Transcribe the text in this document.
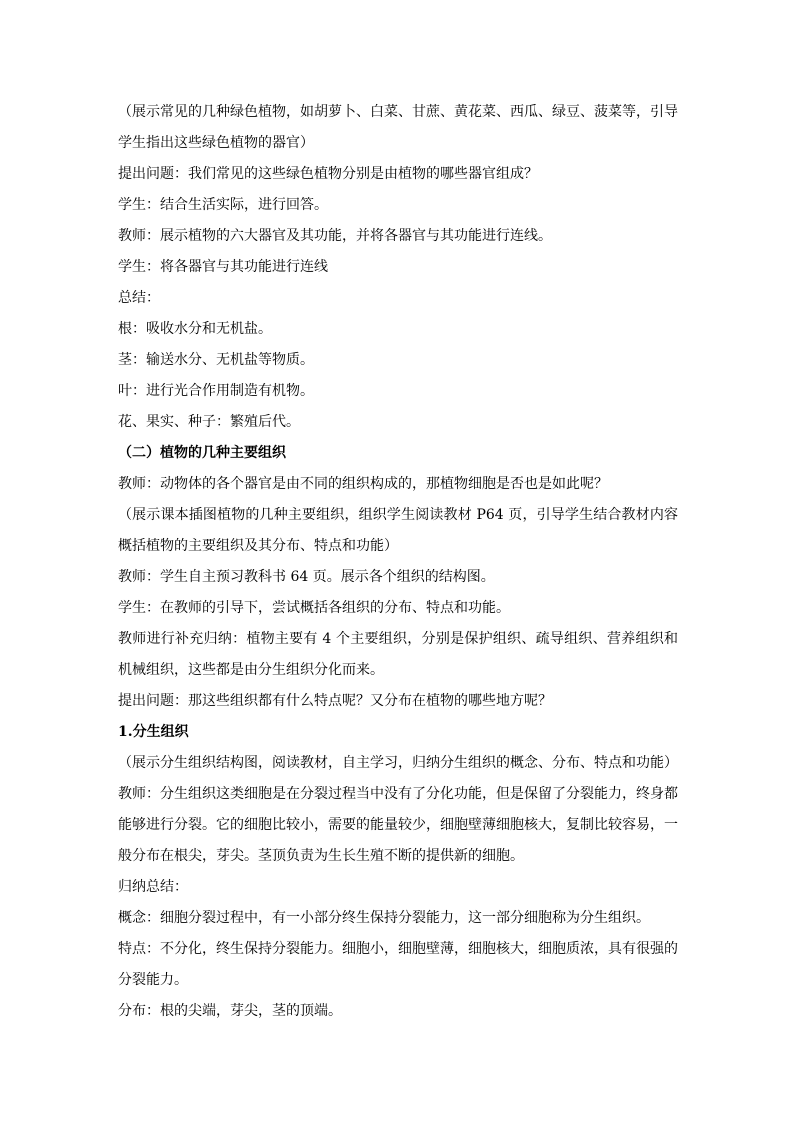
（展示常见的几种绿色植物，如胡萝卜、白菜、甘蔗、黄花菜、西瓜、绿豆、菠菜等，引导学生指出这些绿色植物的器官）

提出问题：我们常见的这些绿色植物分别是由植物的哪些器官组成？

学生：结合生活实际，进行回答。

教师：展示植物的六大器官及其功能，并将各器官与其功能进行连线。

学生：将各器官与其功能进行连线

总结：

根：吸收水分和无机盐。

茎：输送水分、无机盐等物质。

叶：进行光合作用制造有机物。

花、果实、种子：繁殖后代。

（二）植物的几种主要组织

教师：动物体的各个器官是由不同的组织构成的，那植物细胞是否也是如此呢？

（展示课本插图植物的几种主要组织，组织学生阅读教材 P64 页，引导学生结合教材内容概括植物的主要组织及其分布、特点和功能）

教师：学生自主预习教科书 64 页。展示各个组织的结构图。

学生：在教师的引导下，尝试概括各组织的分布、特点和功能。

教师进行补充归纳：植物主要有 4 个主要组织，分别是保护组织、疏导组织、营养组织和机械组织，这些都是由分生组织分化而来。

提出问题：那这些组织都有什么特点呢？又分布在植物的哪些地方呢？

1.分生组织

（展示分生组织结构图，阅读教材，自主学习，归纳分生组织的概念、分布、特点和功能）

教师：分生组织这类细胞是在分裂过程当中没有了分化功能，但是保留了分裂能力，终身都能够进行分裂。它的细胞比较小，需要的能量较少，细胞壁薄细胞核大，复制比较容易，一般分布在根尖，芽尖。茎顶负责为生长生殖不断的提供新的细胞。

归纳总结：

概念：细胞分裂过程中，有一小部分终生保持分裂能力，这一部分细胞称为分生组织。

特点：不分化，终生保持分裂能力。细胞小，细胞壁薄，细胞核大，细胞质浓，具有很强的分裂能力。

分布：根的尖端，芽尖，茎的顶端。
